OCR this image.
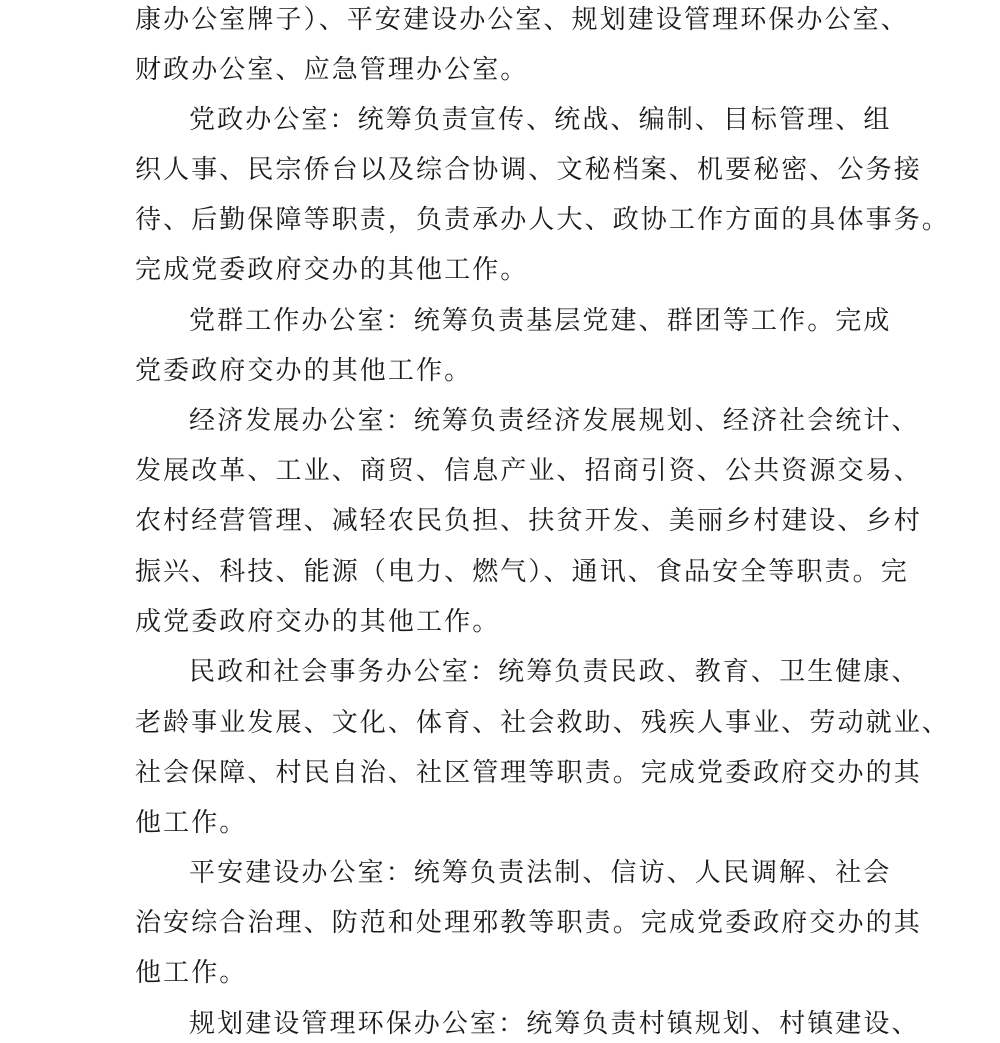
康办公室牌子）、平安建设办公室、规划建设管理环保办公室、
财政办公室、应急管理办公室。
党政办公室：统筹负责宣传、统战、编制、目标管理、组
织人事、民宗侨台以及综合协调、文秘档案、机要秘密、公务接
待、后勤保障等职责，负责承办人大、政协工作方面的具体事务。
完成党委政府交办的其他工作。
党群工作办公室：统筹负责基层党建、群团等工作。完成
党委政府交办的其他工作。
经济发展办公室：统筹负责经济发展规划、经济社会统计、
发展改革、工业、商贸、信息产业、招商引资、公共资源交易、
农村经营管理、减轻农民负担、扶贫开发、美丽乡村建设、乡村
振兴、科技、能源（电力、燃气）、通讯、食品安全等职责。完
成党委政府交办的其他工作。
民政和社会事务办公室：统筹负责民政、教育、卫生健康、
老龄事业发展、文化、体育、社会救助、残疾人事业、劳动就业、
社会保障、村民自治、社区管理等职责。完成党委政府交办的其
他工作。
平安建设办公室：统筹负责法制、信访、人民调解、社会
治安综合治理、防范和处理邪教等职责。完成党委政府交办的其
他工作。
规划建设管理环保办公室：统筹负责村镇规划、村镇建设、
